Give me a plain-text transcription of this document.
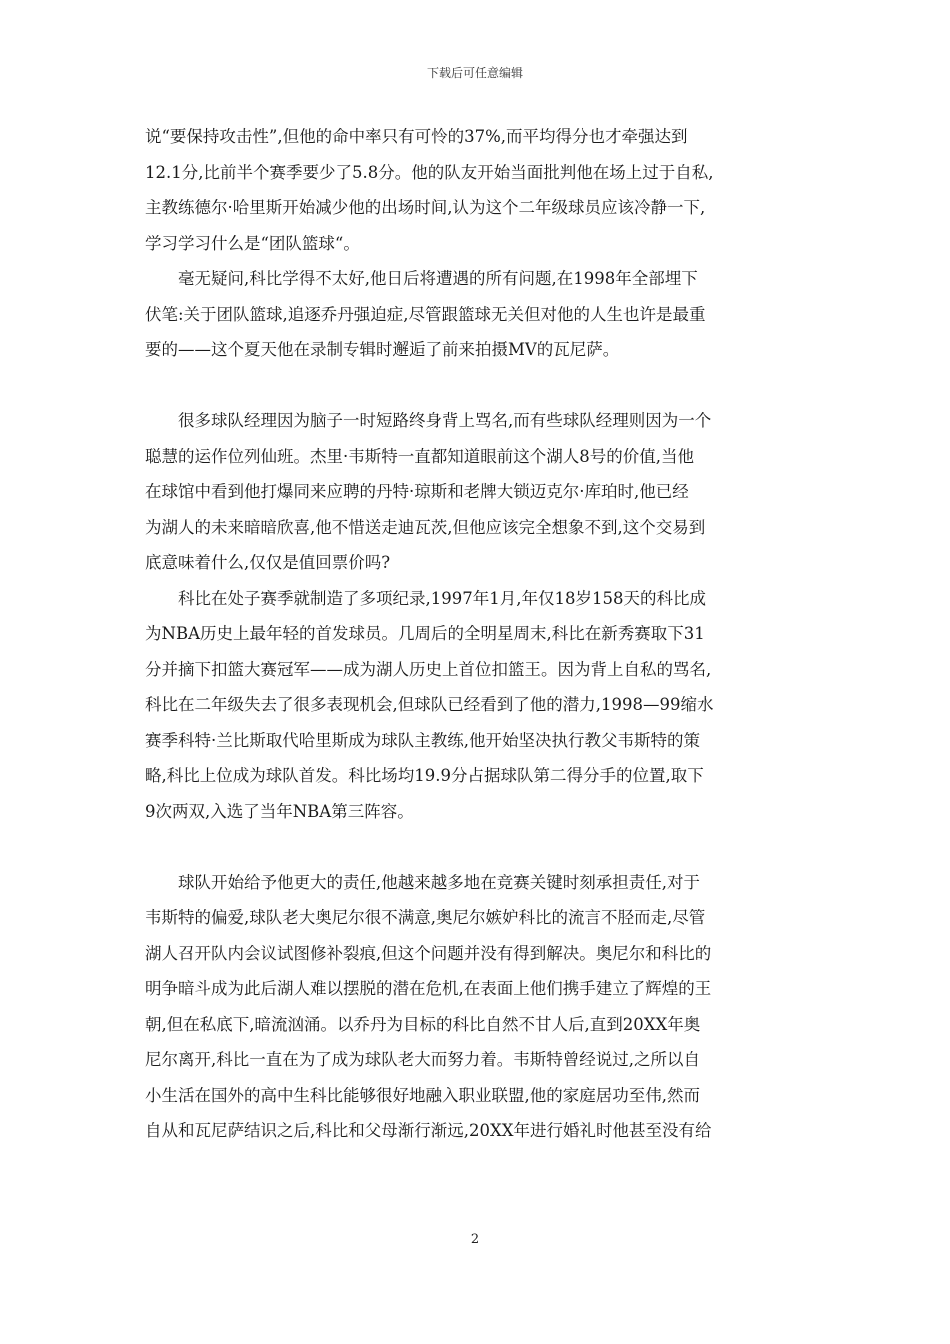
下载后可任意编辑
说“要保持攻击性”,但他的命中率只有可怜的37%,而平均得分也才牵强达到
12.1分,比前半个赛季要少了5.8分。他的队友开始当面批判他在场上过于自私,
主教练德尔·哈里斯开始减少他的出场时间,认为这个二年级球员应该冷静一下,
学习学习什么是“团队篮球“。
　　毫无疑问,科比学得不太好,他日后将遭遇的所有问题,在1998年全部埋下
伏笔:关于团队篮球,追逐乔丹强迫症,尽管跟篮球无关但对他的人生也许是最重
要的——这个夏天他在录制专辑时邂逅了前来拍摄MV的瓦尼萨。
　　很多球队经理因为脑子一时短路终身背上骂名,而有些球队经理则因为一个
聪慧的运作位列仙班。杰里·韦斯特一直都知道眼前这个湖人8号的价值,当他
在球馆中看到他打爆同来应聘的丹特·琼斯和老牌大锁迈克尔·库珀时,他已经
为湖人的未来暗暗欣喜,他不惜送走迪瓦茨,但他应该完全想象不到,这个交易到
底意味着什么,仅仅是值回票价吗?
　　科比在处子赛季就制造了多项纪录,1997年1月,年仅18岁158天的科比成
为NBA历史上最年轻的首发球员。几周后的全明星周末,科比在新秀赛取下31
分并摘下扣篮大赛冠军——成为湖人历史上首位扣篮王。因为背上自私的骂名,
科比在二年级失去了很多表现机会,但球队已经看到了他的潜力,1998—99缩水
赛季科特·兰比斯取代哈里斯成为球队主教练,他开始坚决执行教父韦斯特的策
略,科比上位成为球队首发。科比场均19.9分占据球队第二得分手的位置,取下
9次两双,入选了当年NBA第三阵容。
　　球队开始给予他更大的责任,他越来越多地在竞赛关键时刻承担责任,对于
韦斯特的偏爱,球队老大奥尼尔很不满意,奥尼尔嫉妒科比的流言不胫而走,尽管
湖人召开队内会议试图修补裂痕,但这个问题并没有得到解决。奥尼尔和科比的
明争暗斗成为此后湖人难以摆脱的潜在危机,在表面上他们携手建立了辉煌的王
朝,但在私底下,暗流汹涌。以乔丹为目标的科比自然不甘人后,直到20XX年奥
尼尔离开,科比一直在为了成为球队老大而努力着。韦斯特曾经说过,之所以自
小生活在国外的高中生科比能够很好地融入职业联盟,他的家庭居功至伟,然而
自从和瓦尼萨结识之后,科比和父母渐行渐远,20XX年进行婚礼时他甚至没有给
2
